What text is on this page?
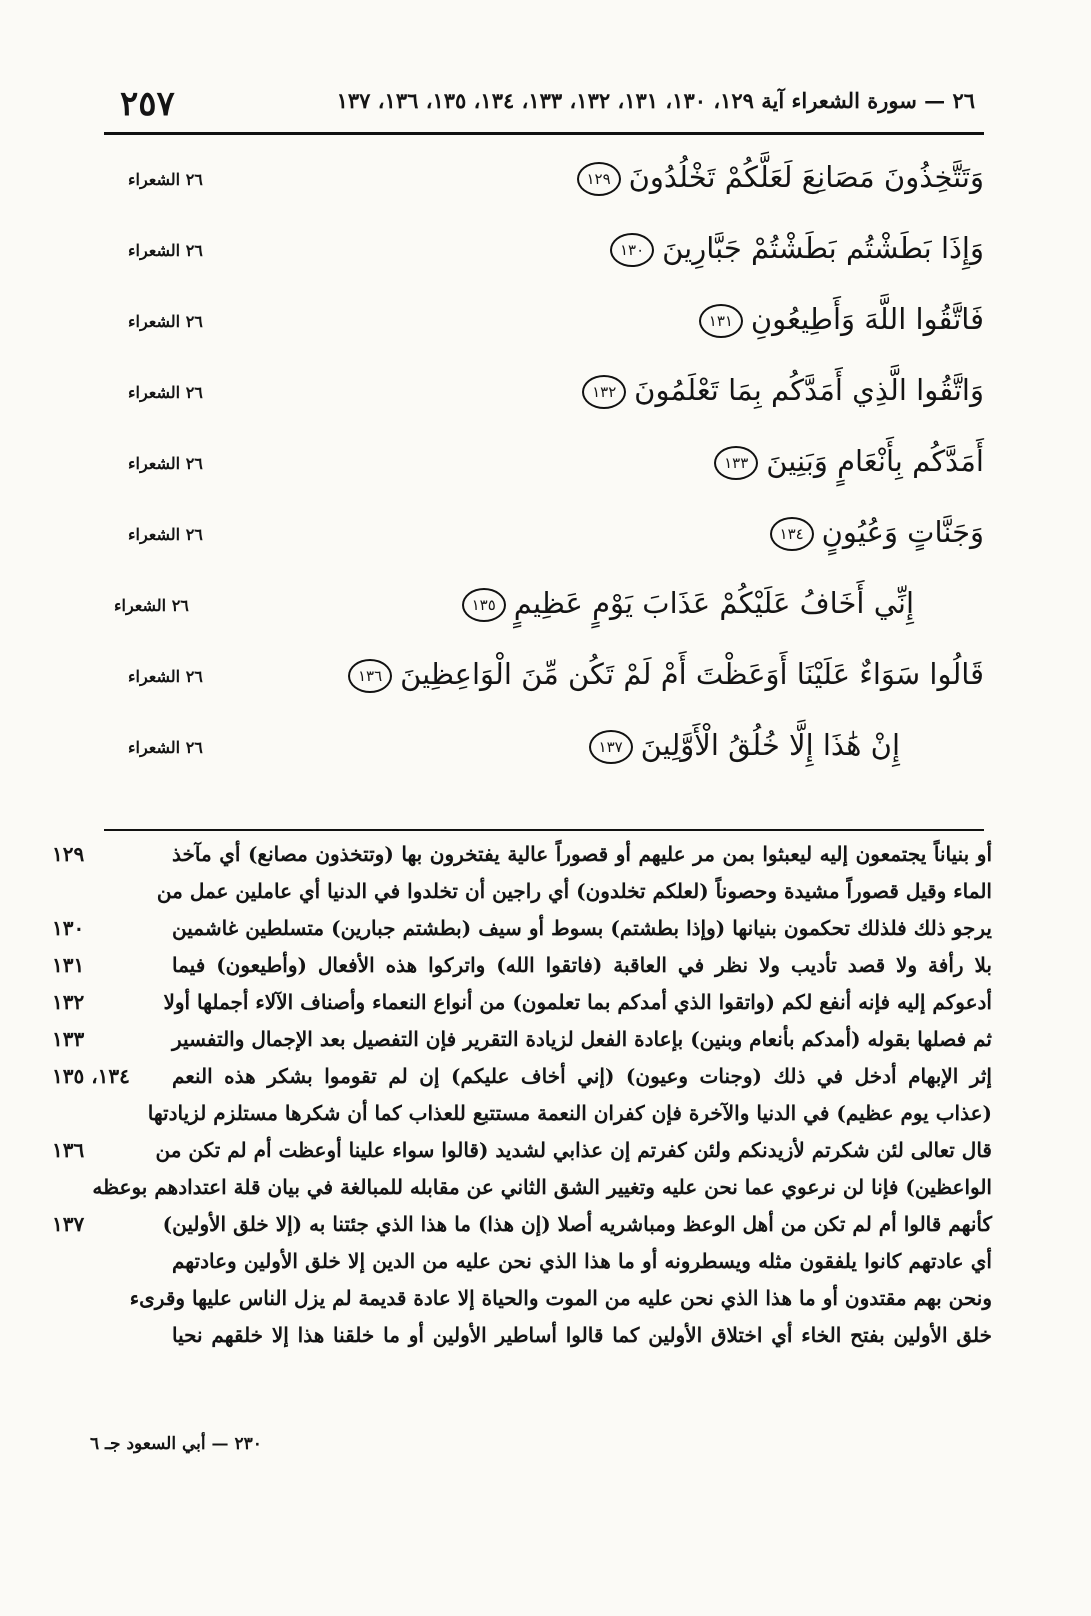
٢٦ — سورة الشعراء آية ١٢٩، ١٣٠، ١٣١، ١٣٢، ١٣٣، ١٣٤، ١٣٥، ١٣٦، ١٣٧
٢٥٧
وَتَتَّخِذُونَ مَصَانِعَ لَعَلَّكُمْ تَخْلُدُونَ١٢٩
٢٦ الشعراء
وَإِذَا بَطَشْتُم بَطَشْتُمْ جَبَّارِينَ١٣٠
٢٦ الشعراء
فَاتَّقُوا اللَّهَ وَأَطِيعُونِ١٣١
٢٦ الشعراء
وَاتَّقُوا الَّذِي أَمَدَّكُم بِمَا تَعْلَمُونَ١٣٢
٢٦ الشعراء
أَمَدَّكُم بِأَنْعَامٍ وَبَنِينَ١٣٣
٢٦ الشعراء
وَجَنَّاتٍ وَعُيُونٍ١٣٤
٢٦ الشعراء
إِنِّي أَخَافُ عَلَيْكُمْ عَذَابَ يَوْمٍ عَظِيمٍ١٣٥
٢٦ الشعراء
قَالُوا سَوَاءٌ عَلَيْنَا أَوَعَظْتَ أَمْ لَمْ تَكُن مِّنَ الْوَاعِظِينَ١٣٦
٢٦ الشعراء
إِنْ هَٰذَا إِلَّا خُلُقُ الْأَوَّلِينَ١٣٧
٢٦ الشعراء
أو بنياناً يجتمعون إليه ليعبثوا بمن مر عليهم أو قصوراً عالية يفتخرون بها (وتتخذون مصانع) أي مآخذ
١٢٩
الماء وقيل قصوراً مشيدة وحصوناً (لعلكم تخلدون) أي راجين أن تخلدوا في الدنيا أي عاملين عمل من
يرجو ذلك فلذلك تحكمون بنيانها (وإذا بطشتم) بسوط أو سيف (بطشتم جبارين) متسلطين غاشمين
١٣٠
بلا رأفة ولا قصد تأديب ولا نظر في العاقبة (فاتقوا الله) واتركوا هذه الأفعال (وأطيعون) فيما
١٣١
أدعوكم إليه فإنه أنفع لكم (واتقوا الذي أمدكم بما تعلمون) من أنواع النعماء وأصناف الآلاء أجملها أولا
١٣٢
ثم فصلها بقوله (أمدكم بأنعام وبنين) بإعادة الفعل لزيادة التقرير فإن التفصيل بعد الإجمال والتفسير
١٣٣
إثر الإبهام أدخل في ذلك (وجنات وعيون) (إني أخاف عليكم) إن لم تقوموا بشكر هذه النعم
١٣٤، ١٣٥
(عذاب يوم عظيم) في الدنيا والآخرة فإن كفران النعمة مستتبع للعذاب كما أن شكرها مستلزم لزيادتها
قال تعالى لئن شكرتم لأزيدنكم ولئن كفرتم إن عذابي لشديد (قالوا سواء علينا أوعظت أم لم تكن من
١٣٦
الواعظين) فإنا لن نرعوي عما نحن عليه وتغيير الشق الثاني عن مقابله للمبالغة في بيان قلة اعتدادهم بوعظه
كأنهم قالوا أم لم تكن من أهل الوعظ ومباشريه أصلا (إن هذا) ما هذا الذي جئتنا به (إلا خلق الأولين)
١٣٧
أي عادتهم كانوا يلفقون مثله ويسطرونه أو ما هذا الذي نحن عليه من الدين إلا خلق الأولين وعادتهم
ونحن بهم مقتدون أو ما هذا الذي نحن عليه من الموت والحياة إلا عادة قديمة لم يزل الناس عليها وقرىء
خلق الأولين بفتح الخاء أي اختلاق الأولين كما قالوا أساطير الأولين أو ما خلقنا هذا إلا خلقهم نحيا
٢٣٠ — أبي السعود جـ ٦
